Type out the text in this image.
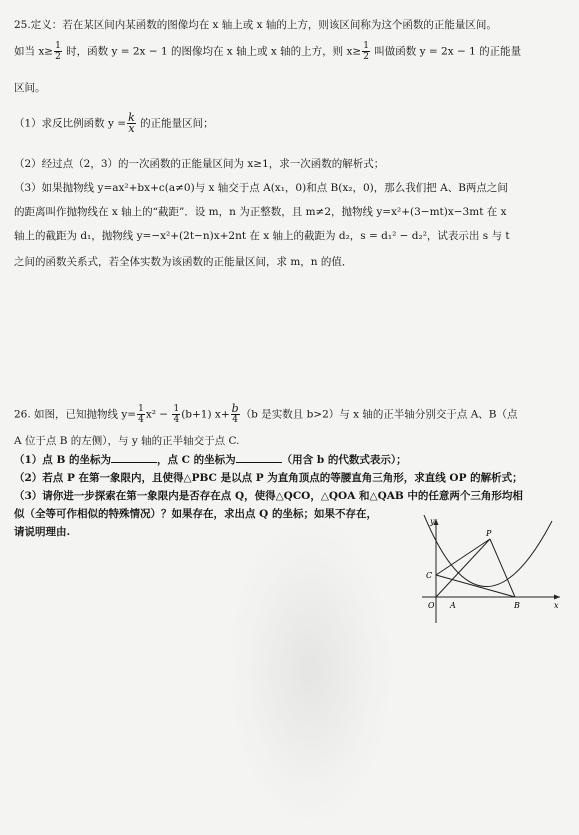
25.定义：若在某区间内某函数的图像均在 x 轴上或 x 轴的上方，则该区间称为这个函数的正能量区间。
如当 $x\ge \frac{1}{2}$ 时，函数 y = 2x − 1 的图像均在 x 轴上或 x 轴的上方，则 $x\ge \frac{1}{2}$ 叫做函数 y = 2x − 1 的正能量
区间。
（1）求反比例函数 $y = \frac{k}{x}$ 的正能量区间；
（2）经过点（2，3）的一次函数的正能量区间为 x≥1，求一次函数的解析式；
（3）如果抛物线 y=ax²+bx+c(a≠0)与 x 轴交于点 A(x₁，0)和点 B(x₂，0)，那么我们把 A、B两点之间
的距离叫作抛物线在 x 轴上的“截距”．设 m，n 为正整数，且 m≠2，抛物线 y=x²+(3−mt)x−3mt 在 x
轴上的截距为 d₁，抛物线 y=−x²+(2t−n)x+2nt 在 x 轴上的截距为 d₂，s = d₁² − d₂²，试表示出 s 与 t
之间的函数关系式，若全体实数为该函数的正能量区间，求 m，n 的值．
26. 如图，已知抛物线 $y= \frac{1}{4} x^2 - \frac{1}{4} (b+1)$ $x+ \frac{b}{4} (b$ 是实数且 b>2）与 x 轴的正半轴分别交于点 A、B（点
A 位于点 B 的左侧），与 y 轴的正半轴交于点 C.
（1）点 B 的坐标为	，点 C 的坐标为	（用含 b 的代数式表示）；
（2）若点 P 在第一象限内，且使得△PBC 是以点 P 为直角顶点的等腰直角三角形，求直线 OP 的解析式；
（3）请你进一步探索在第一象限内是否存在点 Q，使得△QCO，△QOA 和△QAB 中的任意两个三角形均相
似（全等可作相似的特殊情况）？如果存在，求出点 Q 的坐标；如果不存在，
请说明理由.
y
x
O A	B
C
P
